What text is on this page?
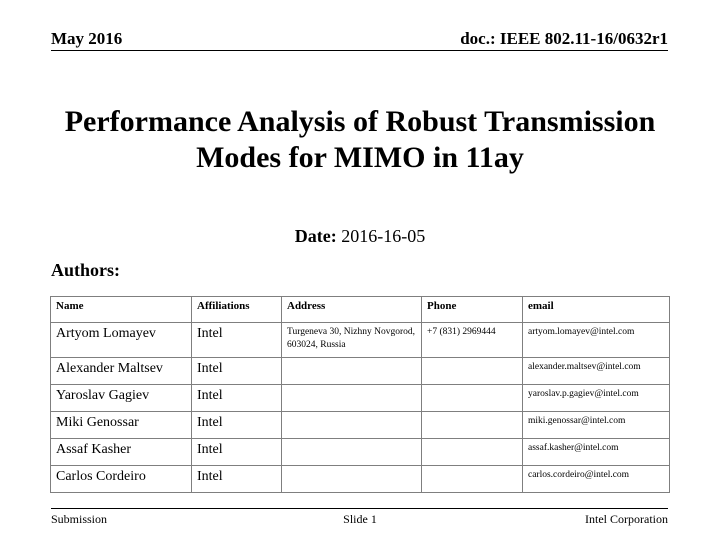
May 2016	doc.: IEEE 802.11-16/0632r1
Performance Analysis of Robust Transmission Modes for MIMO in 11ay
Date: 2016-16-05
Authors:
Name	Affiliations	Address	Phone	email
Artyom Lomayev	Intel	Turgeneva 30, Nizhny Novgorod, 603024, Russia	+7 (831) 2969444	artyom.lomayev@intel.com
Alexander Maltsev	Intel			alexander.maltsev@intel.com
Yaroslav Gagiev	Intel			yaroslav.p.gagiev@intel.com
Miki Genossar	Intel			miki.genossar@intel.com
Assaf Kasher	Intel			assaf.kasher@intel.com
Carlos Cordeiro	Intel			carlos.cordeiro@intel.com
Submission	Slide 1	Intel Corporation
